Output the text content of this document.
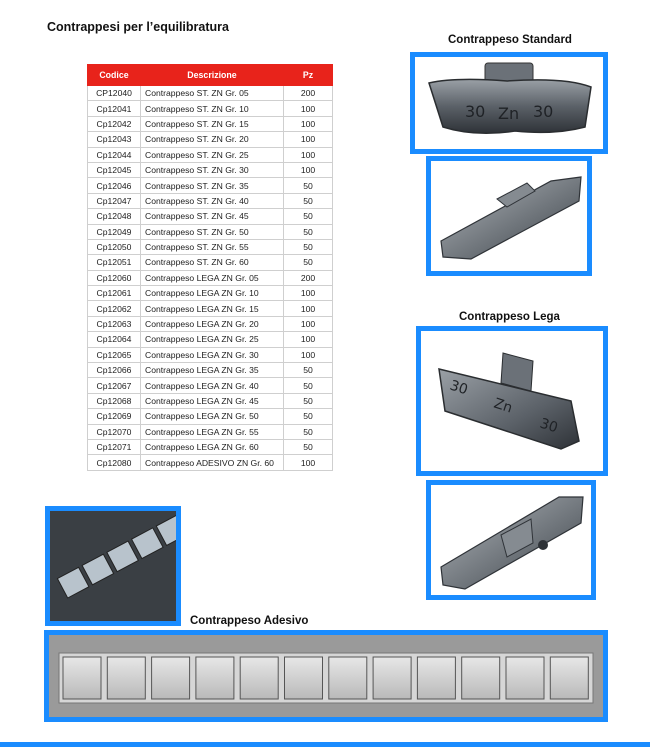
Contrappesi per l’equilibratura
Codice	Descrizione	Pz
CP12040	Contrappeso ST. ZN Gr. 05	200
Cp12041	Contrappeso ST. ZN Gr. 10	100
Cp12042	Contrappeso ST. ZN Gr. 15	100
Cp12043	Contrappeso ST. ZN Gr. 20	100
Cp12044	Contrappeso ST. ZN Gr. 25	100
Cp12045	Contrappeso ST. ZN Gr. 30	100
Cp12046	Contrappeso ST. ZN Gr. 35	50
Cp12047	Contrappeso ST. ZN Gr. 40	50
Cp12048	Contrappeso ST. ZN Gr. 45	50
Cp12049	Contrappeso ST. ZN Gr. 50	50
Cp12050	Contrappeso ST. ZN Gr. 55	50
Cp12051	Contrappeso ST. ZN Gr. 60	50
Cp12060	Contrappeso LEGA ZN Gr. 05	200
Cp12061	Contrappeso LEGA ZN Gr. 10	100
Cp12062	Contrappeso LEGA ZN Gr. 15	100
Cp12063	Contrappeso LEGA ZN Gr. 20	100
Cp12064	Contrappeso LEGA ZN Gr. 25	100
Cp12065	Contrappeso LEGA ZN Gr. 30	100
Cp12066	Contrappeso LEGA ZN Gr. 35	50
Cp12067	Contrappeso LEGA ZN Gr. 40	50
Cp12068	Contrappeso LEGA ZN Gr. 45	50
Cp12069	Contrappeso LEGA ZN Gr. 50	50
Cp12070	Contrappeso LEGA ZN Gr. 55	50
Cp12071	Contrappeso LEGA ZN Gr. 60	50
Cp12080	Contrappeso ADESIVO ZN Gr. 60	100
Contrappeso Standard
30 Zn 30
Contrappeso Lega
30
Zn
30
Contrappeso Adesivo
